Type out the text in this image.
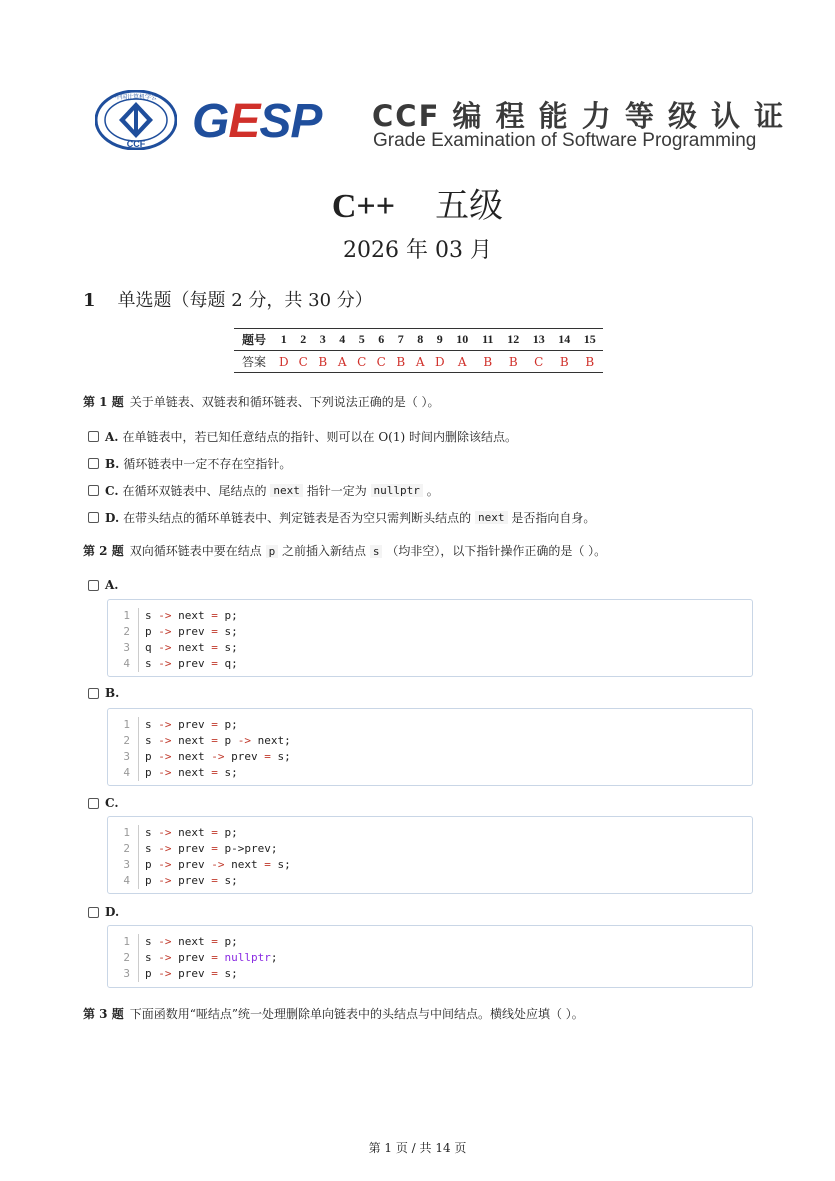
CCF
中国计算机学会 GESP CCF 编 程 能 力 等 级 认 证
Grade Examination of Software Programming
C++ 五级
2026 年 03 月
1 单选题（每题 2 分，共 30 分）
题号	1	2	3	4	5	6	7	8	9	10	11	12	13	14	15
答案	D	C	B	A	C	C	B	A	D	A	B	B	C	B	B
第 1 题 关于单链表、双链表和循环链表、下列说法正确的是（ ）。
A. 在单链表中，若已知任意结点的指针、则可以在 O(1) 时间内删除该结点。
B. 循环链表中一定不存在空指针。
C. 在循环双链表中、尾结点的
next
指针一定为
nullptr
。
D. 在带头结点的循环单链表中、判定链表是否为空只需判断头结点的
next
是否指向自身。
第 2 题 双向循环链表中要在结点 p 之前插入新结点 s （均非空），以下指针操作正确的是（ ）。
A.
1	s -> next = p;
2	p -> prev = s;
3	q -> next = s;
4	s -> prev = q;
B.
1	s -> prev = p;
2	s -> next = p -> next;
3	p -> next -> prev = s;
4	p -> next = s;
C.
1	s -> next = p;
2	s -> prev = p->prev;
3	p -> prev -> next = s;
4	p -> prev = s;
D.
1	s -> next = p;
2	s -> prev = nullptr;
3	p -> prev = s;
第 3 题 下面函数用“哑结点”统一处理删除单向链表中的头结点与中间结点。横线处应填（ ）。
第 1 页 / 共 14 页
